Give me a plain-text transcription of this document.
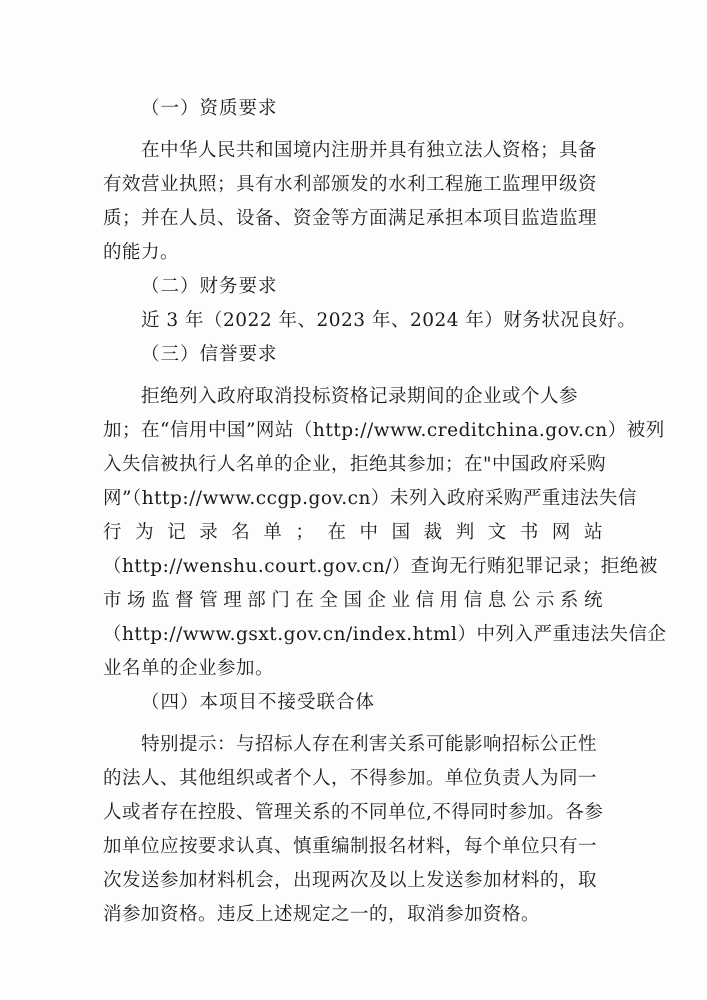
（一）资质要求
在中华人民共和国境内注册并具有独立法人资格；具备
有效营业执照；具有水利部颁发的水利工程施工监理甲级资
质；并在人员、设备、资金等方面满足承担本项目监造监理
的能力。
（二）财务要求
近 3 年（2022 年、2023 年、2024 年）财务状况良好。
（三）信誉要求
拒绝列入政府取消投标资格记录期间的企业或个人参
加；在“信用中国”网站（http://www.creditchina.gov.cn）被列
入失信被执行人名单的企业，拒绝其参加；在"中国政府采购
网”（http://www.ccgp.gov.cn）未列入政府采购严重违法失信
行 为 记 录 名 单 ； 在 中 国 裁 判 文 书 网 站
（http://wenshu.court.gov.cn/）查询无行贿犯罪记录；拒绝被
市 场 监 督 管 理 部 门 在 全 国 企 业 信 用 信 息 公 示 系 统
（http://www.gsxt.gov.cn/index.html）中列入严重违法失信企
业名单的企业参加。
（四）本项目不接受联合体
特别提示：与招标人存在利害关系可能影响招标公正性
的法人、其他组织或者个人，不得参加。单位负责人为同一
人或者存在控股、管理关系的不同单位,不得同时参加。各参
加单位应按要求认真、慎重编制报名材料，每个单位只有一
次发送参加材料机会，出现两次及以上发送参加材料的，取
消参加资格。违反上述规定之一的，取消参加资格。
